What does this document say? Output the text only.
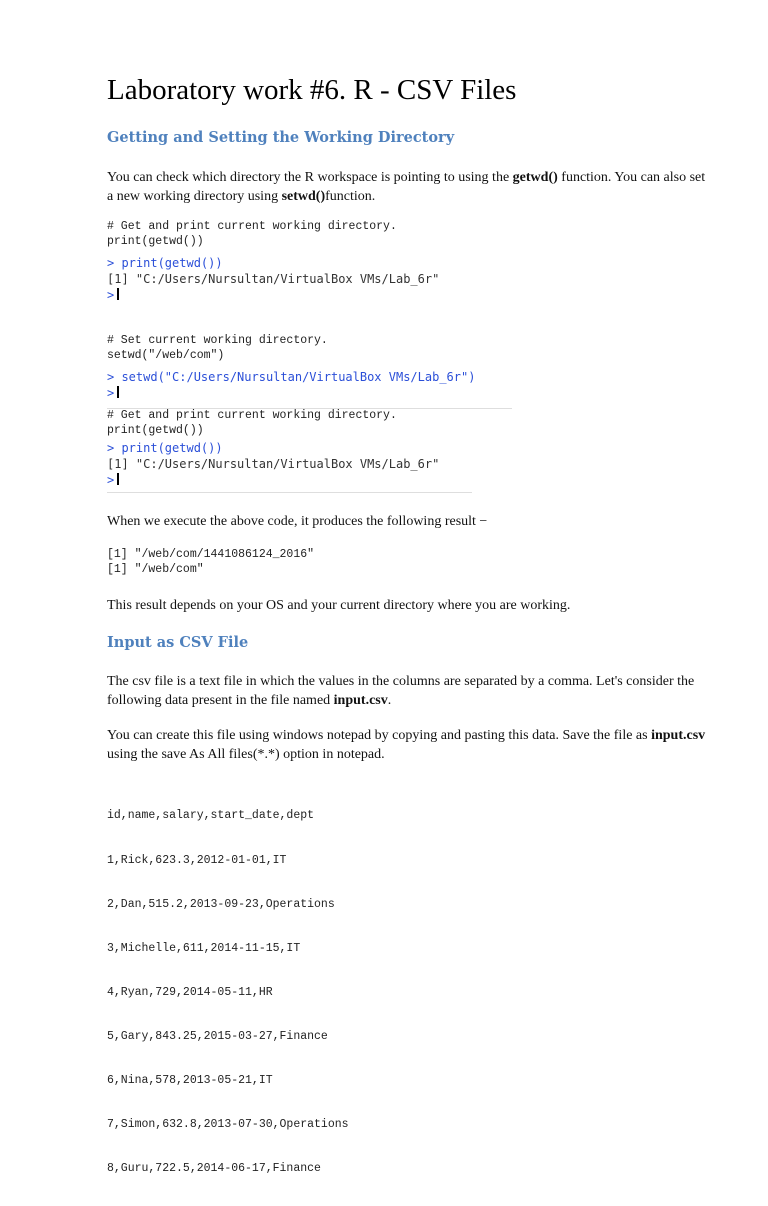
Laboratory work #6. R - CSV Files
Getting and Setting the Working Directory

You can check which directory the R workspace is pointing to using the getwd() function. You can also set a new working directory using setwd()function.

# Get and print current working directory.
print(getwd())
> print(getwd())
[1] "C:/Users/Nursultan/VirtualBox VMs/Lab_6r"
>
# Set current working directory.
setwd("/web/com")
> setwd("C:/Users/Nursultan/VirtualBox VMs/Lab_6r")
>
# Get and print current working directory.
print(getwd())
> print(getwd())
[1] "C:/Users/Nursultan/VirtualBox VMs/Lab_6r"
>

When we execute the above code, it produces the following result −

[1] "/web/com/1441086124_2016"
[1] "/web/com"

This result depends on your OS and your current directory where you are working.

Input as CSV File

The csv file is a text file in which the values in the columns are separated by a comma. Let's consider the following data present in the file named input.csv.

You can create this file using windows notepad by copying and pasting this data. Save the file as input.csv using the save As All files(*.*) option in notepad.

id,name,salary,start_date,dept

1,Rick,623.3,2012-01-01,IT

2,Dan,515.2,2013-09-23,Operations

3,Michelle,611,2014-11-15,IT

4,Ryan,729,2014-05-11,HR

5,Gary,843.25,2015-03-27,Finance

6,Nina,578,2013-05-21,IT

7,Simon,632.8,2013-07-30,Operations

8,Guru,722.5,2014-06-17,Finance
